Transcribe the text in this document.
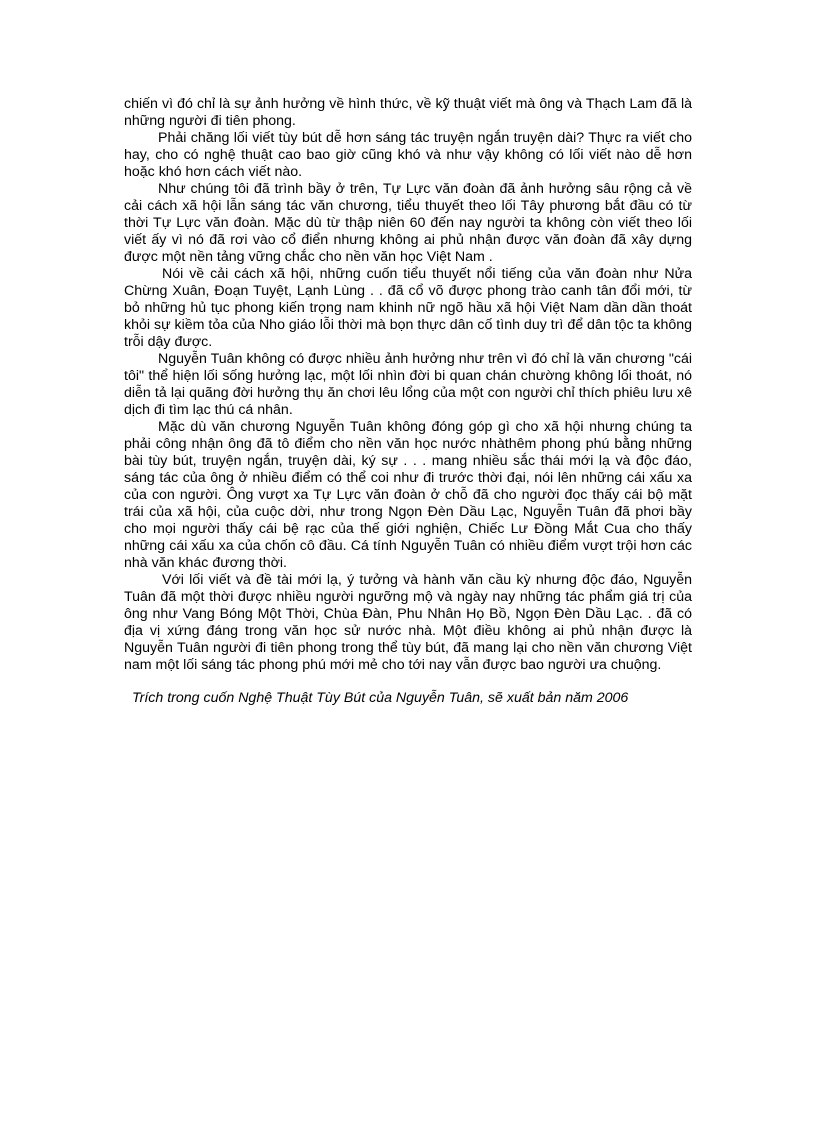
chiến vì đó chỉ là sự ảnh hưởng về hình thức, về kỹ thuật viết mà ông và Thạch Lam đã là những người đi tiên phong.

Phải chăng lối viết tùy bút dễ hơn sáng tác truyện ngắn truyện dài? Thực ra viết cho hay, cho có nghệ thuật cao bao giờ cũng khó và như vậy không có lối viết nào dễ hơn hoặc khó hơn cách viết nào.

Như chúng tôi đã trình bầy ở trên, Tự Lực văn đoàn đã ảnh hưởng sâu rộng cả về cải cách xã hội lẫn sáng tác văn chương, tiểu thuyết theo lối Tây phương bắt đầu có từ thời Tự Lực văn đoàn. Mặc dù từ thập niên 60 đến nay người ta không còn viết theo lối viết ấy vì nó đã rơi vào cổ điển nhưng không ai phủ nhận được văn đoàn đã xây dựng được một nền tảng vững chắc cho nền văn học Việt Nam .

Nói về cải cách xã hội, những cuốn tiểu thuyết nổi tiếng của văn đoàn như Nửa Chừng Xuân, Đoạn Tuyệt, Lạnh Lùng . . đã cổ võ được phong trào canh tân đổi mới, từ bỏ những hủ tục phong kiến trọng nam khinh nữ ngõ hầu xã hội Việt Nam dần dần thoát khỏi sự kiềm tỏa của Nho giáo lỗi thời mà bọn thực dân cố tình duy trì để dân tộc ta không trỗi dậy được.

Nguyễn Tuân không có được nhiều ảnh hưởng như trên vì đó chỉ là văn chương "cái tôi" thể hiện lối sống hưởng lạc, một lối nhìn đời bi quan chán chường không lối thoát, nó diễn tả lại quãng đời hưởng thụ ăn chơi lêu lổng của một con người chỉ thích phiêu lưu xê dịch đi tìm lạc thú cá nhân.

Mặc dù văn chương Nguyễn Tuân không đóng góp gì cho xã hội nhưng chúng ta phải công nhận ông đã tô điểm cho nền văn học nước nhàthêm phong phú bằng những bài tùy bút, truyện ngắn, truyện dài, ký sự . . . mang nhiều sắc thái mới lạ và độc đáo, sáng tác của ông ở nhiều điểm có thể coi như đi trước thời đại, nói lên những cái xấu xa của con người. Ông vượt xa Tự Lực văn đoàn ở chỗ đã cho người đọc thấy cái bộ mặt trái của xã hội, của cuộc dời, như trong Ngọn Đèn Dầu Lạc, Nguyễn Tuân đã phơi bầy cho mọi người thấy cái bệ rạc của thế giới nghiện, Chiếc Lư Đồng Mắt Cua cho thấy những cái xấu xa của chốn cô đầu. Cá tính Nguyễn Tuân có nhiều điểm vượt trội hơn các nhà văn khác đương thời.

Với lối viết và đề tài mới lạ, ý tưởng và hành văn cầu kỳ nhưng độc đáo, Nguyễn Tuân đã một thời được nhiều người ngưỡng mộ và ngày nay những tác phẩm giá trị của ông như Vang Bóng Một Thời, Chùa Đàn, Phu Nhân Họ Bồ, Ngọn Đèn Dầu Lạc. . đã có địa vị xứng đáng trong văn học sử nước nhà. Một điều không ai phủ nhận được là Nguyễn Tuân người đi tiên phong trong thể tùy bút, đã mang lại cho nền văn chương Việt nam một lối sáng tác phong phú mới mẻ cho tới nay vẫn được bao người ưa chuộng.

Trích trong cuốn Nghệ Thuật Tùy Bút của Nguyễn Tuân, sẽ xuất bản năm 2006
